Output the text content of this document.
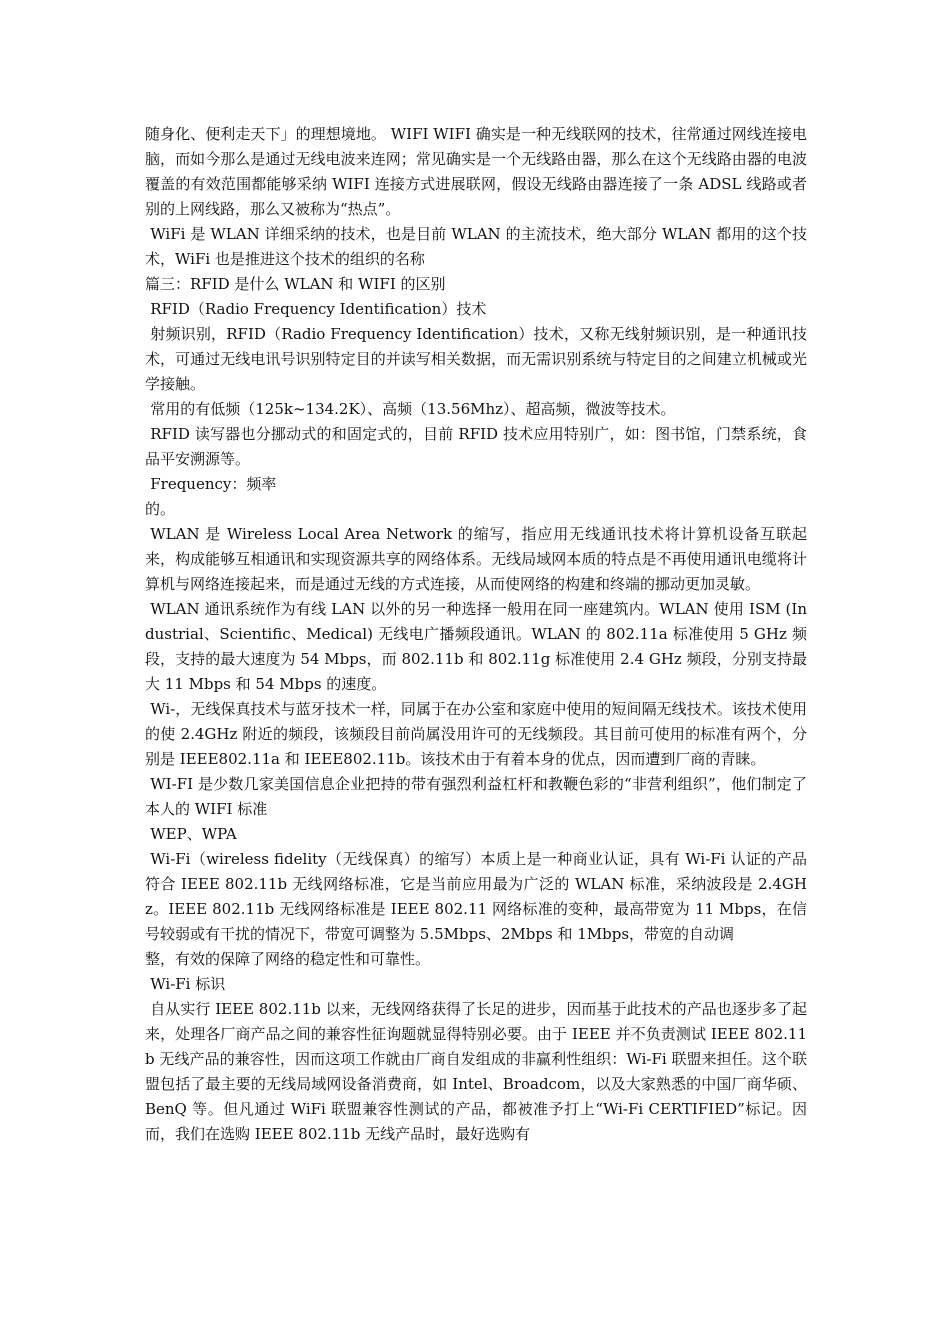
随身化、便利走天下」的理想境地。 WIFI WIFI 确实是一种无线联网的技术，往常通过网线连接电脑，而如今那么是通过无线电波来连网；常见确实是一个无线路由器，那么在这个无线路由器的电波覆盖的有效范围都能够采纳 WIFI 连接方式进展联网，假设无线路由器连接了一条 ADSL 线路或者别的上网线路，那么又被称为“热点”。

WiFi 是 WLAN 详细采纳的技术，也是目前 WLAN 的主流技术，绝大部分 WLAN 都用的这个技术，WiFi 也是推进这个技术的组织的名称

篇三：RFID 是什么 WLAN 和 WIFI 的区别

RFID（Radio Frequency Identification）技术

射频识别，RFID（Radio Frequency Identification）技术，又称无线射频识别，是一种通讯技术，可通过无线电讯号识别特定目的并读写相关数据，而无需识别系统与特定目的之间建立机械或光学接触。

常用的有低频（125k~134.2K）、高频（13.56Mhz）、超高频，微波等技术。

RFID 读写器也分挪动式的和固定式的，目前 RFID 技术应用特别广，如：图书馆，门禁系统，食品平安溯源等。

Frequency：频率

的。

WLAN 是 Wireless Local Area Network 的缩写，指应用无线通讯技术将计算机设备互联起来，构成能够互相通讯和实现资源共享的网络体系。无线局域网本质的特点是不再使用通讯电缆将计算机与网络连接起来，而是通过无线的方式连接，从而使网络的构建和终端的挪动更加灵敏。

WLAN 通讯系统作为有线 LAN 以外的另一种选择一般用在同一座建筑内。WLAN 使用 ISM (Industrial、Scientific、Medical) 无线电广播频段通讯。WLAN 的 802.11a 标准使用 5 GHz 频段，支持的最大速度为 54 Mbps，而 802.11b 和 802.11g 标准使用 2.4 GHz 频段，分别支持最大 11 Mbps 和 54 Mbps 的速度。

Wi-，无线保真技术与蓝牙技术一样，同属于在办公室和家庭中使用的短间隔无线技术。该技术使用的使 2.4GHz 附近的频段，该频段目前尚属没用许可的无线频段。其目前可使用的标准有两个，分别是 IEEE802.11a 和 IEEE802.11b。该技术由于有着本身的优点，因而遭到厂商的青睐。

WI-FI 是少数几家美国信息企业把持的带有强烈利益杠杆和教鞭色彩的“非营利组织”，他们制定了本人的 WIFI 标准

WEP、WPA

Wi-Fi（wireless fidelity（无线保真）的缩写）本质上是一种商业认证，具有 Wi-Fi 认证的产品符合 IEEE 802.11b 无线网络标准，它是当前应用最为广泛的 WLAN 标准，采纳波段是 2.4GHz。IEEE 802.11b 无线网络标准是 IEEE 802.11 网络标准的变种，最高带宽为 11 Mbps，在信号较弱或有干扰的情况下，带宽可调整为 5.5Mbps、2Mbps 和 1Mbps，带宽的自动调

整，有效的保障了网络的稳定性和可靠性。

Wi-Fi 标识

自从实行 IEEE 802.11b 以来，无线网络获得了长足的进步，因而基于此技术的产品也逐步多了起来，处理各厂商产品之间的兼容性征询题就显得特别必要。由于 IEEE 并不负责测试 IEEE 802.11b 无线产品的兼容性，因而这项工作就由厂商自发组成的非赢利性组织：Wi-Fi 联盟来担任。这个联盟包括了最主要的无线局域网设备消费商，如 Intel、Broadcom，以及大家熟悉的中国厂商华硕、BenQ 等。但凡通过 WiFi 联盟兼容性测试的产品，都被准予打上“Wi-Fi CERTIFIED”标记。因而，我们在选购 IEEE 802.11b 无线产品时，最好选购有
